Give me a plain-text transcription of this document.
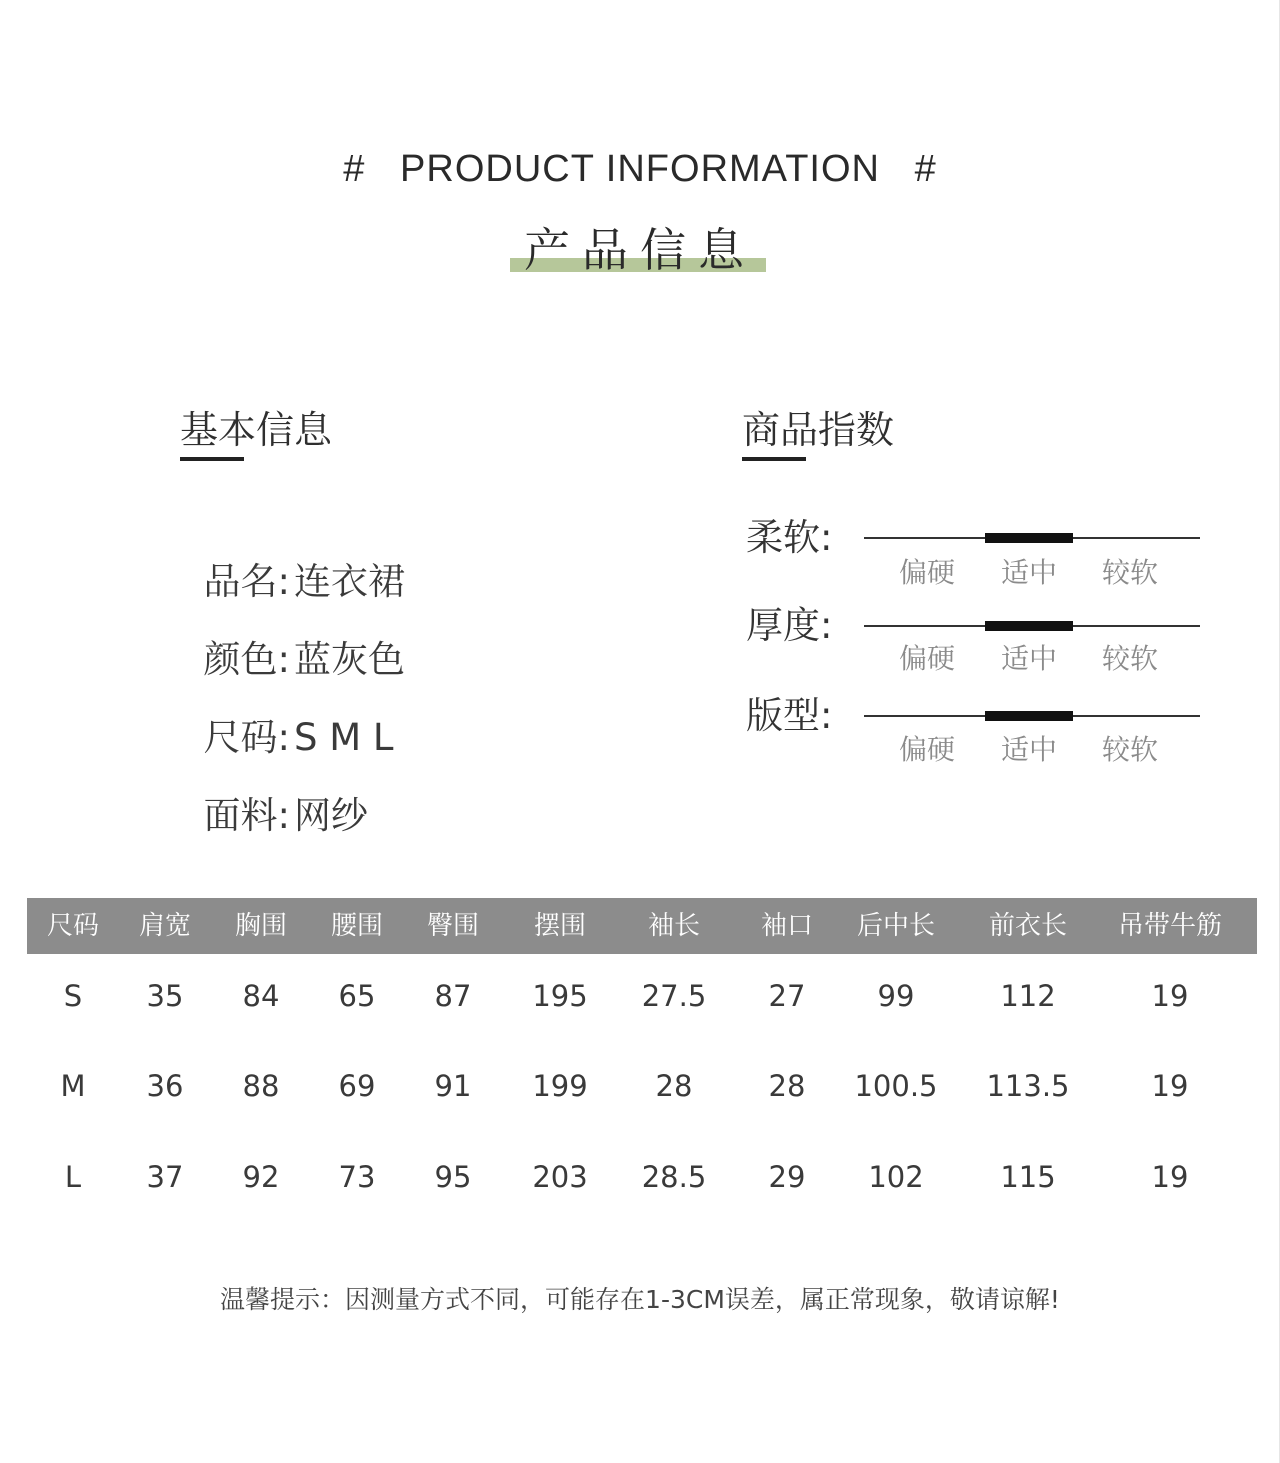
#   PRODUCT INFORMATION   #
产品信息
基本信息

品名: 连衣裙

颜色: 蓝灰色

尺码: S M L

面料: 网纱

商品指数
柔软:
偏硬 适中 较软
厚度:
偏硬 适中 较软
版型:
偏硬 适中 较软
尺码 肩宽 胸围 腰围 臀围 摆围 袖长 袖口 后中长 前衣长 吊带牛筋
S 35 84 65 87 195 27.5 27 99	112	19
M 36 88 69 91 199 28	28 100.5 113.5	19
L 37 92 73 95 203 28.5 29 102	115	19
温馨提示：因测量方式不同，可能存在1-3CM误差，属正常现象，敬请谅解!
